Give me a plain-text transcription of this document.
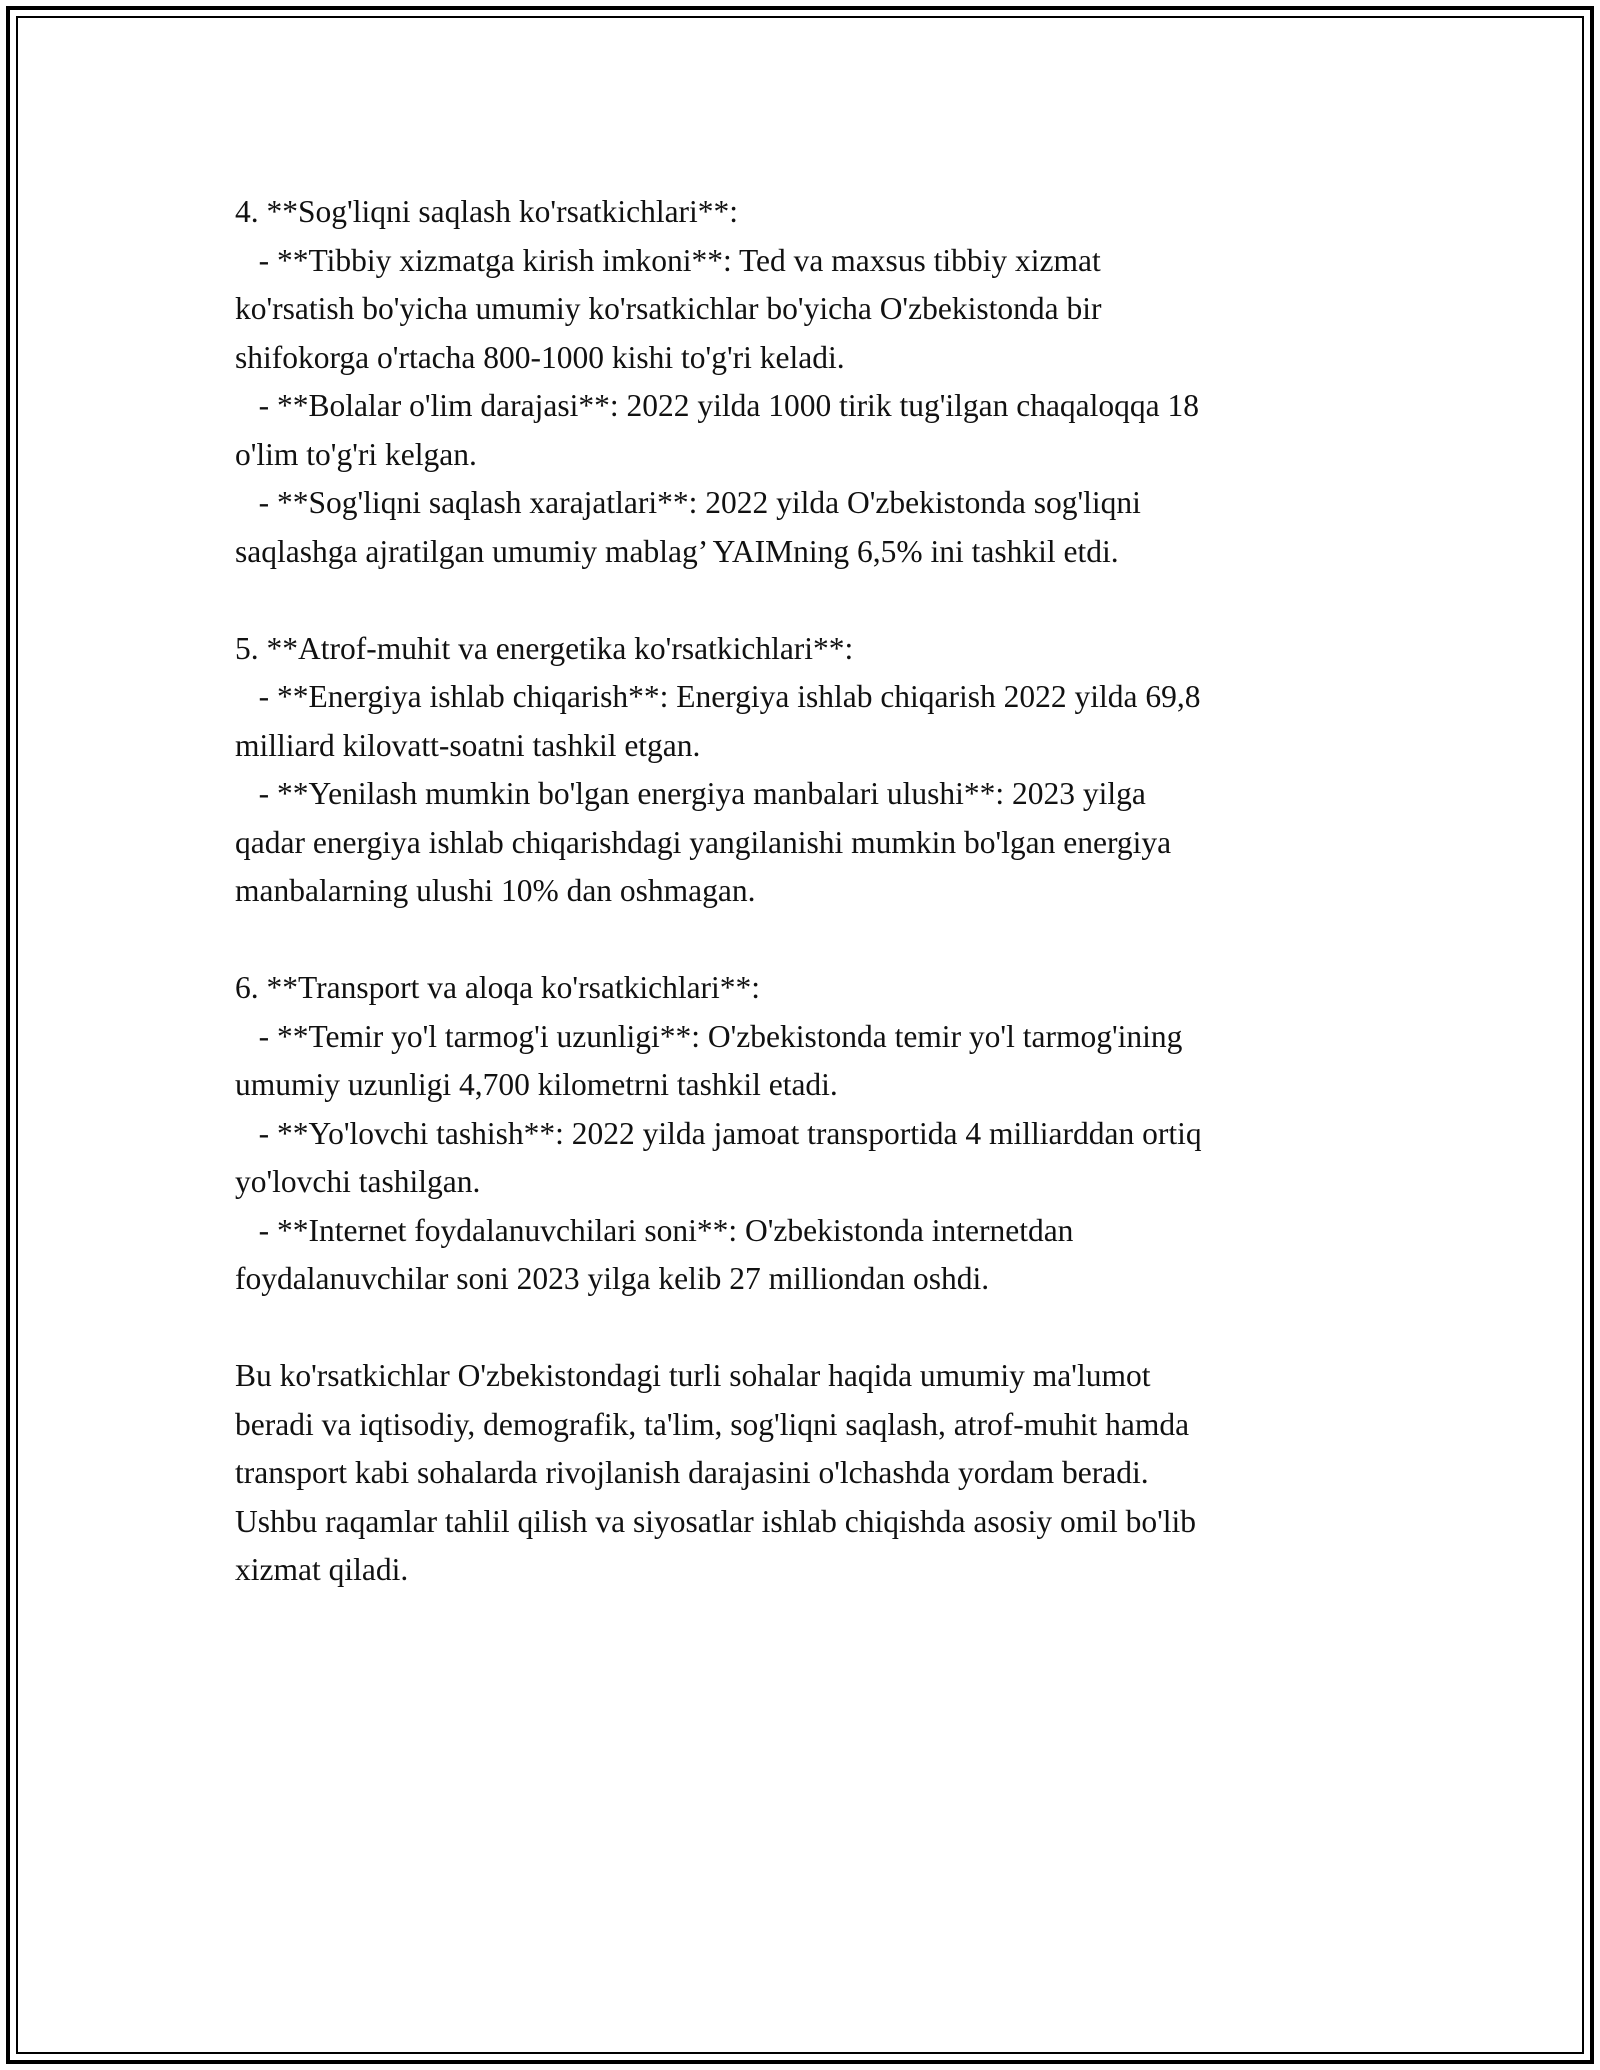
4. **Sog'liqni saqlash ko'rsatkichlari**:
- **Tibbiy xizmatga kirish imkoni**: Ted va maxsus tibbiy xizmat
ko'rsatish bo'yicha umumiy ko'rsatkichlar bo'yicha O'zbekistonda bir
shifokorga o'rtacha 800-1000 kishi to'g'ri keladi.
- **Bolalar o'lim darajasi**: 2022 yilda 1000 tirik tug'ilgan chaqaloqqa 18
o'lim to'g'ri kelgan.
- **Sog'liqni saqlash xarajatlari**: 2022 yilda O'zbekistonda sog'liqni
saqlashga ajratilgan umumiy mablag’ YAIMning 6,5% ini tashkil etdi.
5. **Atrof-muhit va energetika ko'rsatkichlari**:
- **Energiya ishlab chiqarish**: Energiya ishlab chiqarish 2022 yilda 69,8
milliard kilovatt-soatni tashkil etgan.
- **Yenilash mumkin bo'lgan energiya manbalari ulushi**: 2023 yilga
qadar energiya ishlab chiqarishdagi yangilanishi mumkin bo'lgan energiya
manbalarning ulushi 10% dan oshmagan.
6. **Transport va aloqa ko'rsatkichlari**:
- **Temir yo'l tarmog'i uzunligi**: O'zbekistonda temir yo'l tarmog'ining
umumiy uzunligi 4,700 kilometrni tashkil etadi.
- **Yo'lovchi tashish**: 2022 yilda jamoat transportida 4 milliarddan ortiq
yo'lovchi tashilgan.
- **Internet foydalanuvchilari soni**: O'zbekistonda internetdan
foydalanuvchilar soni 2023 yilga kelib 27 milliondan oshdi.
Bu ko'rsatkichlar O'zbekistondagi turli sohalar haqida umumiy ma'lumot
beradi va iqtisodiy, demografik, ta'lim, sog'liqni saqlash, atrof-muhit hamda
transport kabi sohalarda rivojlanish darajasini o'lchashda yordam beradi.
Ushbu raqamlar tahlil qilish va siyosatlar ishlab chiqishda asosiy omil bo'lib
xizmat qiladi.
